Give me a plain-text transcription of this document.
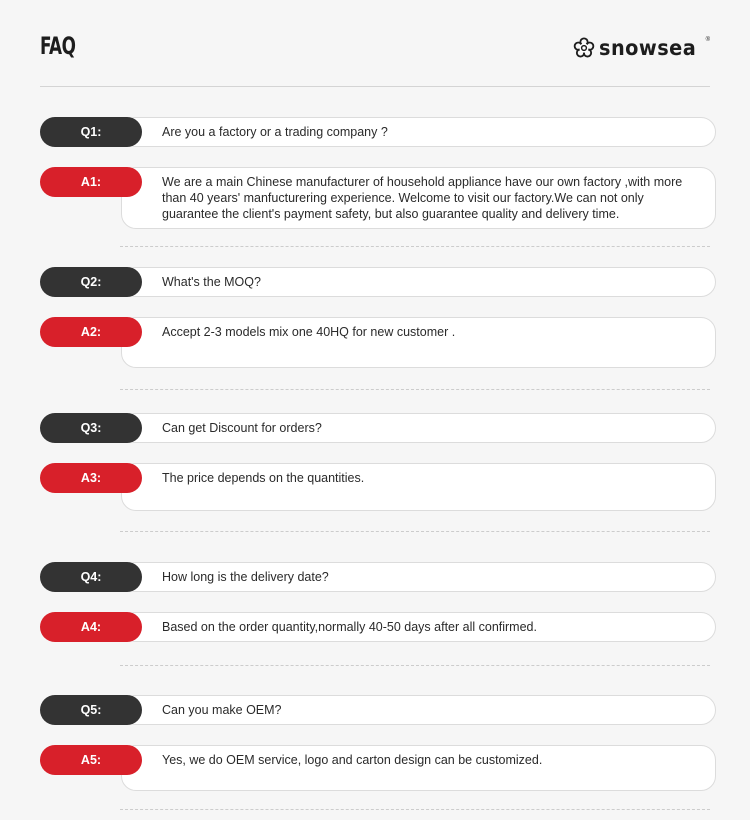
FAQ	snowsea ®
Q1:	Are you a factory or a trading company ?
A1:	We are a main Chinese manufacturer of household appliance have our own factory ,with more than 40 years' manfucturering experience. Welcome to visit our factory.We can not only guarantee the client's payment safety, but also guarantee quality and delivery time.
Q2:	What's the MOQ?
A2:	Accept 2-3 models mix one 40HQ for new customer .
Q3:	Can get Discount for orders?
A3:	The price depends on the quantities.
Q4:	How long is the delivery date?
A4:	Based on the order quantity,normally 40-50 days after all confirmed.
Q5:	Can you make OEM?
A5:	Yes, we do OEM service, logo and carton design can be customized.
